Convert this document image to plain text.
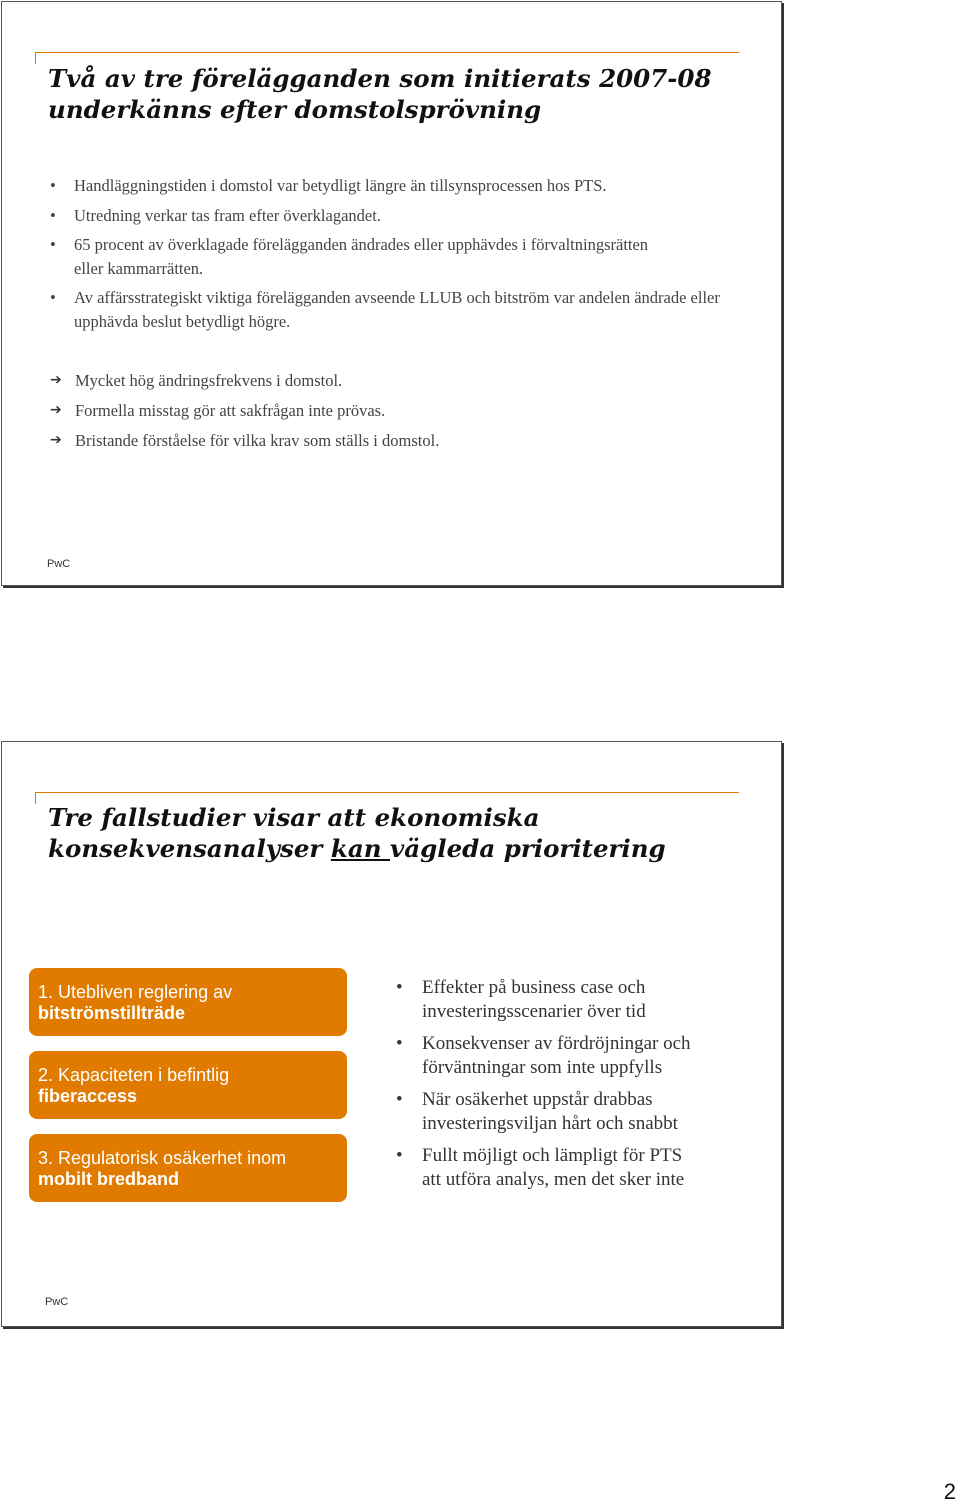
Två av tre förelägganden som initierats 2007-08
underkänns efter domstolsprövning
• Handläggningstiden i domstol var betydligt längre än tillsynsprocessen hos PTS.
• Utredning verkar tas fram efter överklagandet.
• 65 procent av överklagade förelägganden ändrades eller upphävdes i förvaltningsrätten eller kammarrätten.
• Av affärsstrategiskt viktiga förelägganden avseende LLUB och bitström var andelen ändrade eller upphävda beslut betydligt högre.
➔ Mycket hög ändringsfrekvens i domstol.
➔ Formella misstag gör att sakfrågan inte prövas.
➔ Bristande förståelse för vilka krav som ställs i domstol.
PwC
Tre fallstudier visar att ekonomiska
konsekvensanalyser kan vägleda prioritering
1. Utebliven reglering av
bitströmstillträde
2. Kapaciteten i befintlig
fiberaccess
3. Regulatorisk osäkerhet inom
mobilt bredband
• Effekter på business case och
investeringsscenarier över tid
• Konsekvenser av fördröjningar och
förväntningar som inte uppfylls
• När osäkerhet uppstår drabbas
investeringsviljan hårt och snabbt
• Fullt möjligt och lämpligt för PTS
att utföra analys, men det sker inte
PwC
2
